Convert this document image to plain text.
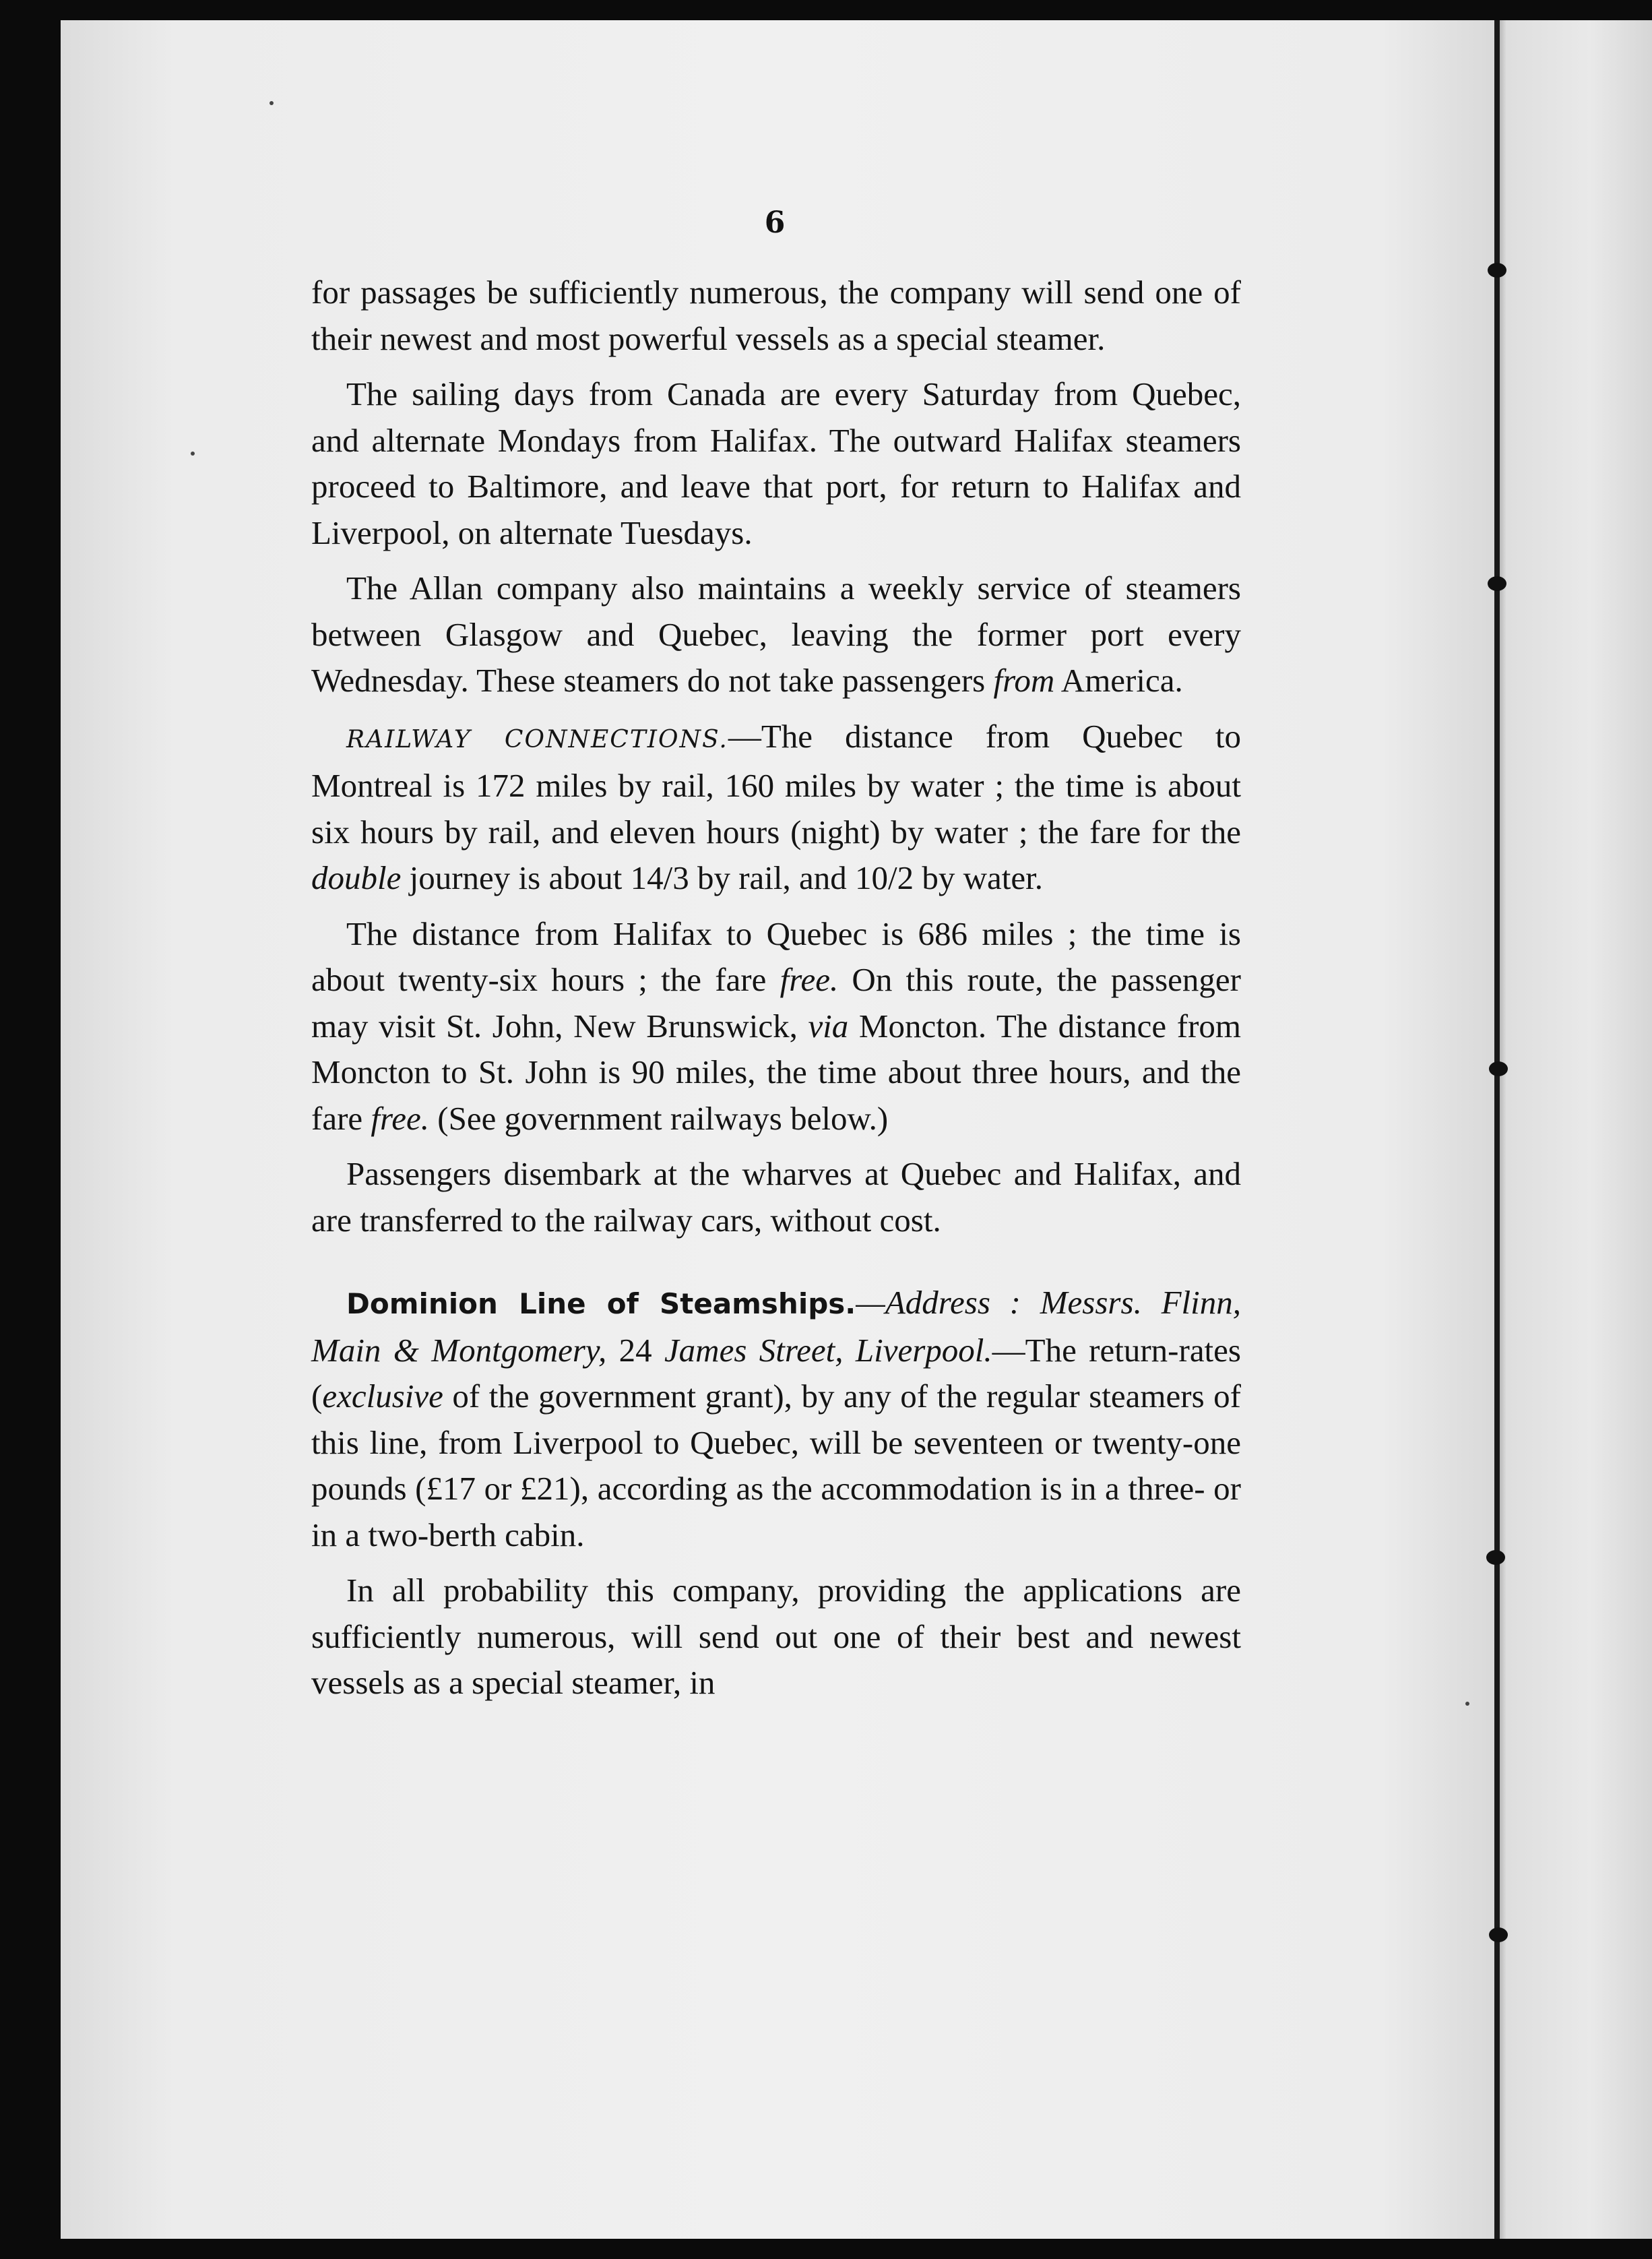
6

for passages be sufficiently numerous, the company will send one of their newest and most powerful vessels as a special steamer.

The sailing days from Canada are every Saturday from Quebec, and alternate Mondays from Halifax. The outward Halifax steamers proceed to Baltimore, and leave that port, for return to Halifax and Liverpool, on alternate Tuesdays.

The Allan company also maintains a weekly service of steamers between Glasgow and Quebec, leaving the former port every Wednesday. These steamers do not take passengers from America.

RAILWAY CONNECTIONS.—The distance from Quebec to Montreal is 172 miles by rail, 160 miles by water ; the time is about six hours by rail, and eleven hours (night) by water ; the fare for the double journey is about 14/3 by rail, and 10/2 by water.

The distance from Halifax to Quebec is 686 miles ; the time is about twenty-six hours ; the fare free. On this route, the passenger may visit St. John, New Brunswick, via Moncton. The distance from Moncton to St. John is 90 miles, the time about three hours, and the fare free. (See government railways below.)

Passengers disembark at the wharves at Quebec and Halifax, and are transferred to the railway cars, without cost.

Dominion Line of Steamships.—Address : Messrs. Flinn, Main & Montgomery, 24 James Street, Liverpool.—The return-rates (exclusive of the government grant), by any of the regular steamers of this line, from Liverpool to Quebec, will be seventeen or twenty-one pounds (£17 or £21), according as the accommodation is in a three- or in a two-berth cabin.

In all probability this company, providing the applications are sufficiently numerous, will send out one of their best and newest vessels as a special steamer, in
